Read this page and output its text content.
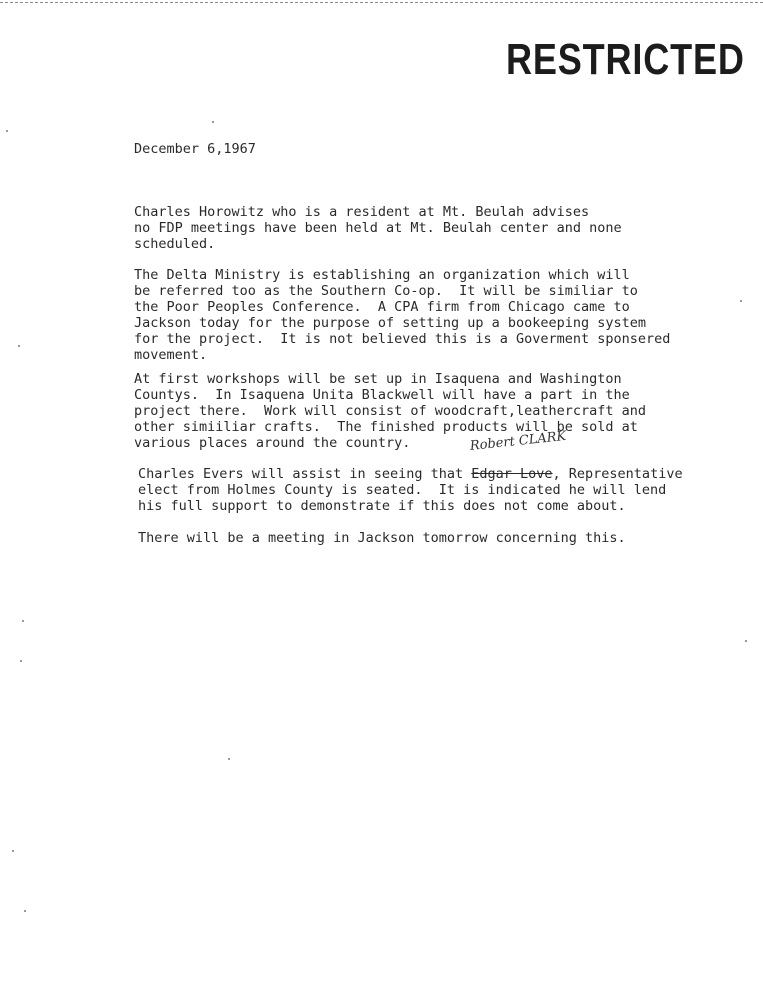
RESTRICTED
December 6,1967
Charles Horowitz who is a resident at Mt. Beulah advises
no FDP meetings have been held at Mt. Beulah center and none
scheduled.
The Delta Ministry is establishing an organization which will
be referred too as the Southern Co-op.  It will be similiar to
the Poor Peoples Conference.  A CPA firm from Chicago came to
Jackson today for the purpose of setting up a bookeeping system
for the project.  It is not believed this is a Goverment sponsered
movement.
At first workshops will be set up in Isaquena and Washington
Countys.  In Isaquena Unita Blackwell will have a part in the
project there.  Work will consist of woodcraft,leathercraft and
other simiiliar crafts.  The finished products will be sold at
various places around the country.	Robert CLARK
Charles Evers will assist in seeing that Edgar Love, Representative
elect from Holmes County is seated.  It is indicated he will lend
his full support to demonstrate if this does not come about.
There will be a meeting in Jackson tomorrow concerning this.
